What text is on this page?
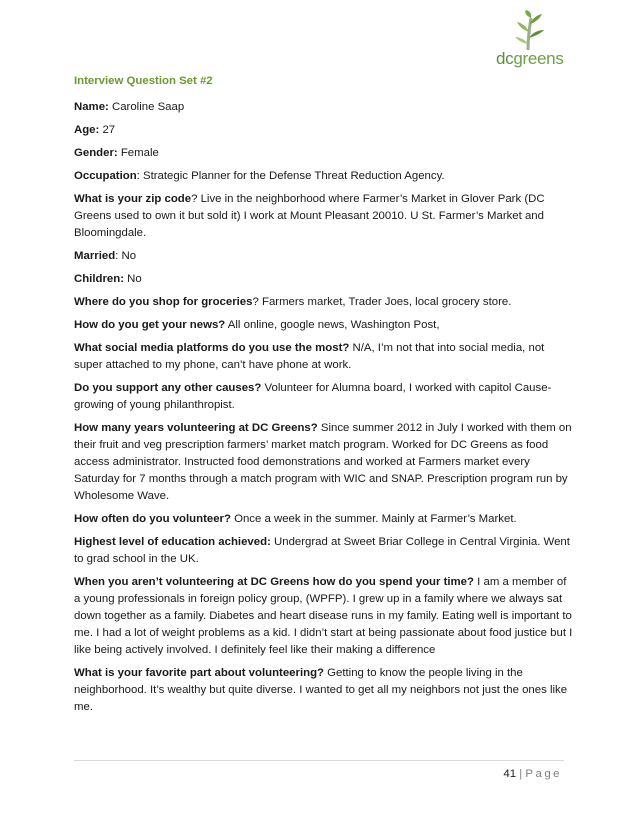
dcgreens
Interview Question Set #2
Name: Caroline Saap
Age: 27
Gender: Female
Occupation: Strategic Planner for the Defense Threat Reduction Agency.
What is your zip code? Live in the neighborhood where Farmer’s Market in Glover Park (DC Greens used to own it but sold it) I work at Mount Pleasant 20010. U St. Farmer’s Market and Bloomingdale.
Married: No
Children: No
Where do you shop for groceries? Farmers market, Trader Joes, local grocery store.
How do you get your news? All online, google news, Washington Post,
What social media platforms do you use the most? N/A, I’m not that into social media, not super attached to my phone, can’t have phone at work.
Do you support any other causes? Volunteer for Alumna board, I worked with capitol Cause-growing of young philanthropist.
How many years volunteering at DC Greens? Since summer 2012 in July I worked with them on their fruit and veg prescription farmers’ market match program. Worked for DC Greens as food access administrator. Instructed food demonstrations and worked at Farmers market every Saturday for 7 months through a match program with WIC and SNAP. Prescription program run by Wholesome Wave.
How often do you volunteer? Once a week in the summer. Mainly at Farmer’s Market.
Highest level of education achieved: Undergrad at Sweet Briar College in Central Virginia. Went to grad school in the UK.
When you aren’t volunteering at DC Greens how do you spend your time? I am a member of a young professionals in foreign policy group, (WPFP). I grew up in a family where we always sat down together as a family. Diabetes and heart disease runs in my family. Eating well is important to me. I had a lot of weight problems as a kid. I didn’t start at being passionate about food justice but I like being actively involved. I definitely feel like their making a difference
What is your favorite part about volunteering? Getting to know the people living in the neighborhood. It’s wealthy but quite diverse. I wanted to get all my neighbors not just the ones like me.
41 | Page
